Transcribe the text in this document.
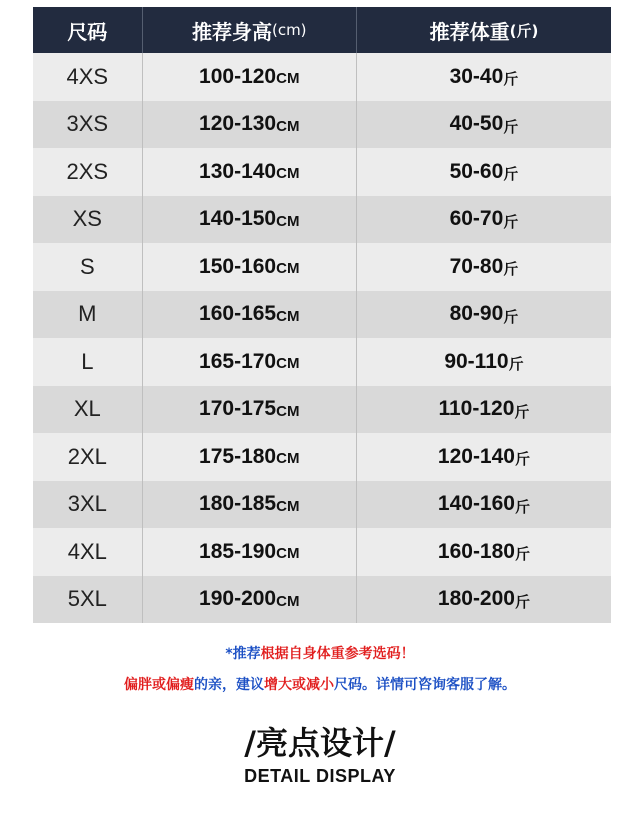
尺码	推荐身高 (cm)	推荐体重 (斤)
4XS	100-120 CM	30-40 斤
3XS	120-130 CM	40-50 斤
2XS	130-140 CM	50-60 斤
XS	140-150 CM	60-70 斤
S	150-160 CM	70-80 斤
M	160-165 CM	80-90 斤
L	165-170 CM	90-110 斤
XL	170-175 CM	110-120 斤
2XL	175-180 CM	120-140 斤
3XL	180-185 CM	140-160 斤
4XL	185-190 CM	160-180 斤
5XL	190-200 CM	180-200 斤
*推荐根据自身体重参考选码！
偏胖或偏瘦的亲，建议增大或减小尺码。详情可咨询客服了解。
/亮点设计/
DETAIL DISPLAY
